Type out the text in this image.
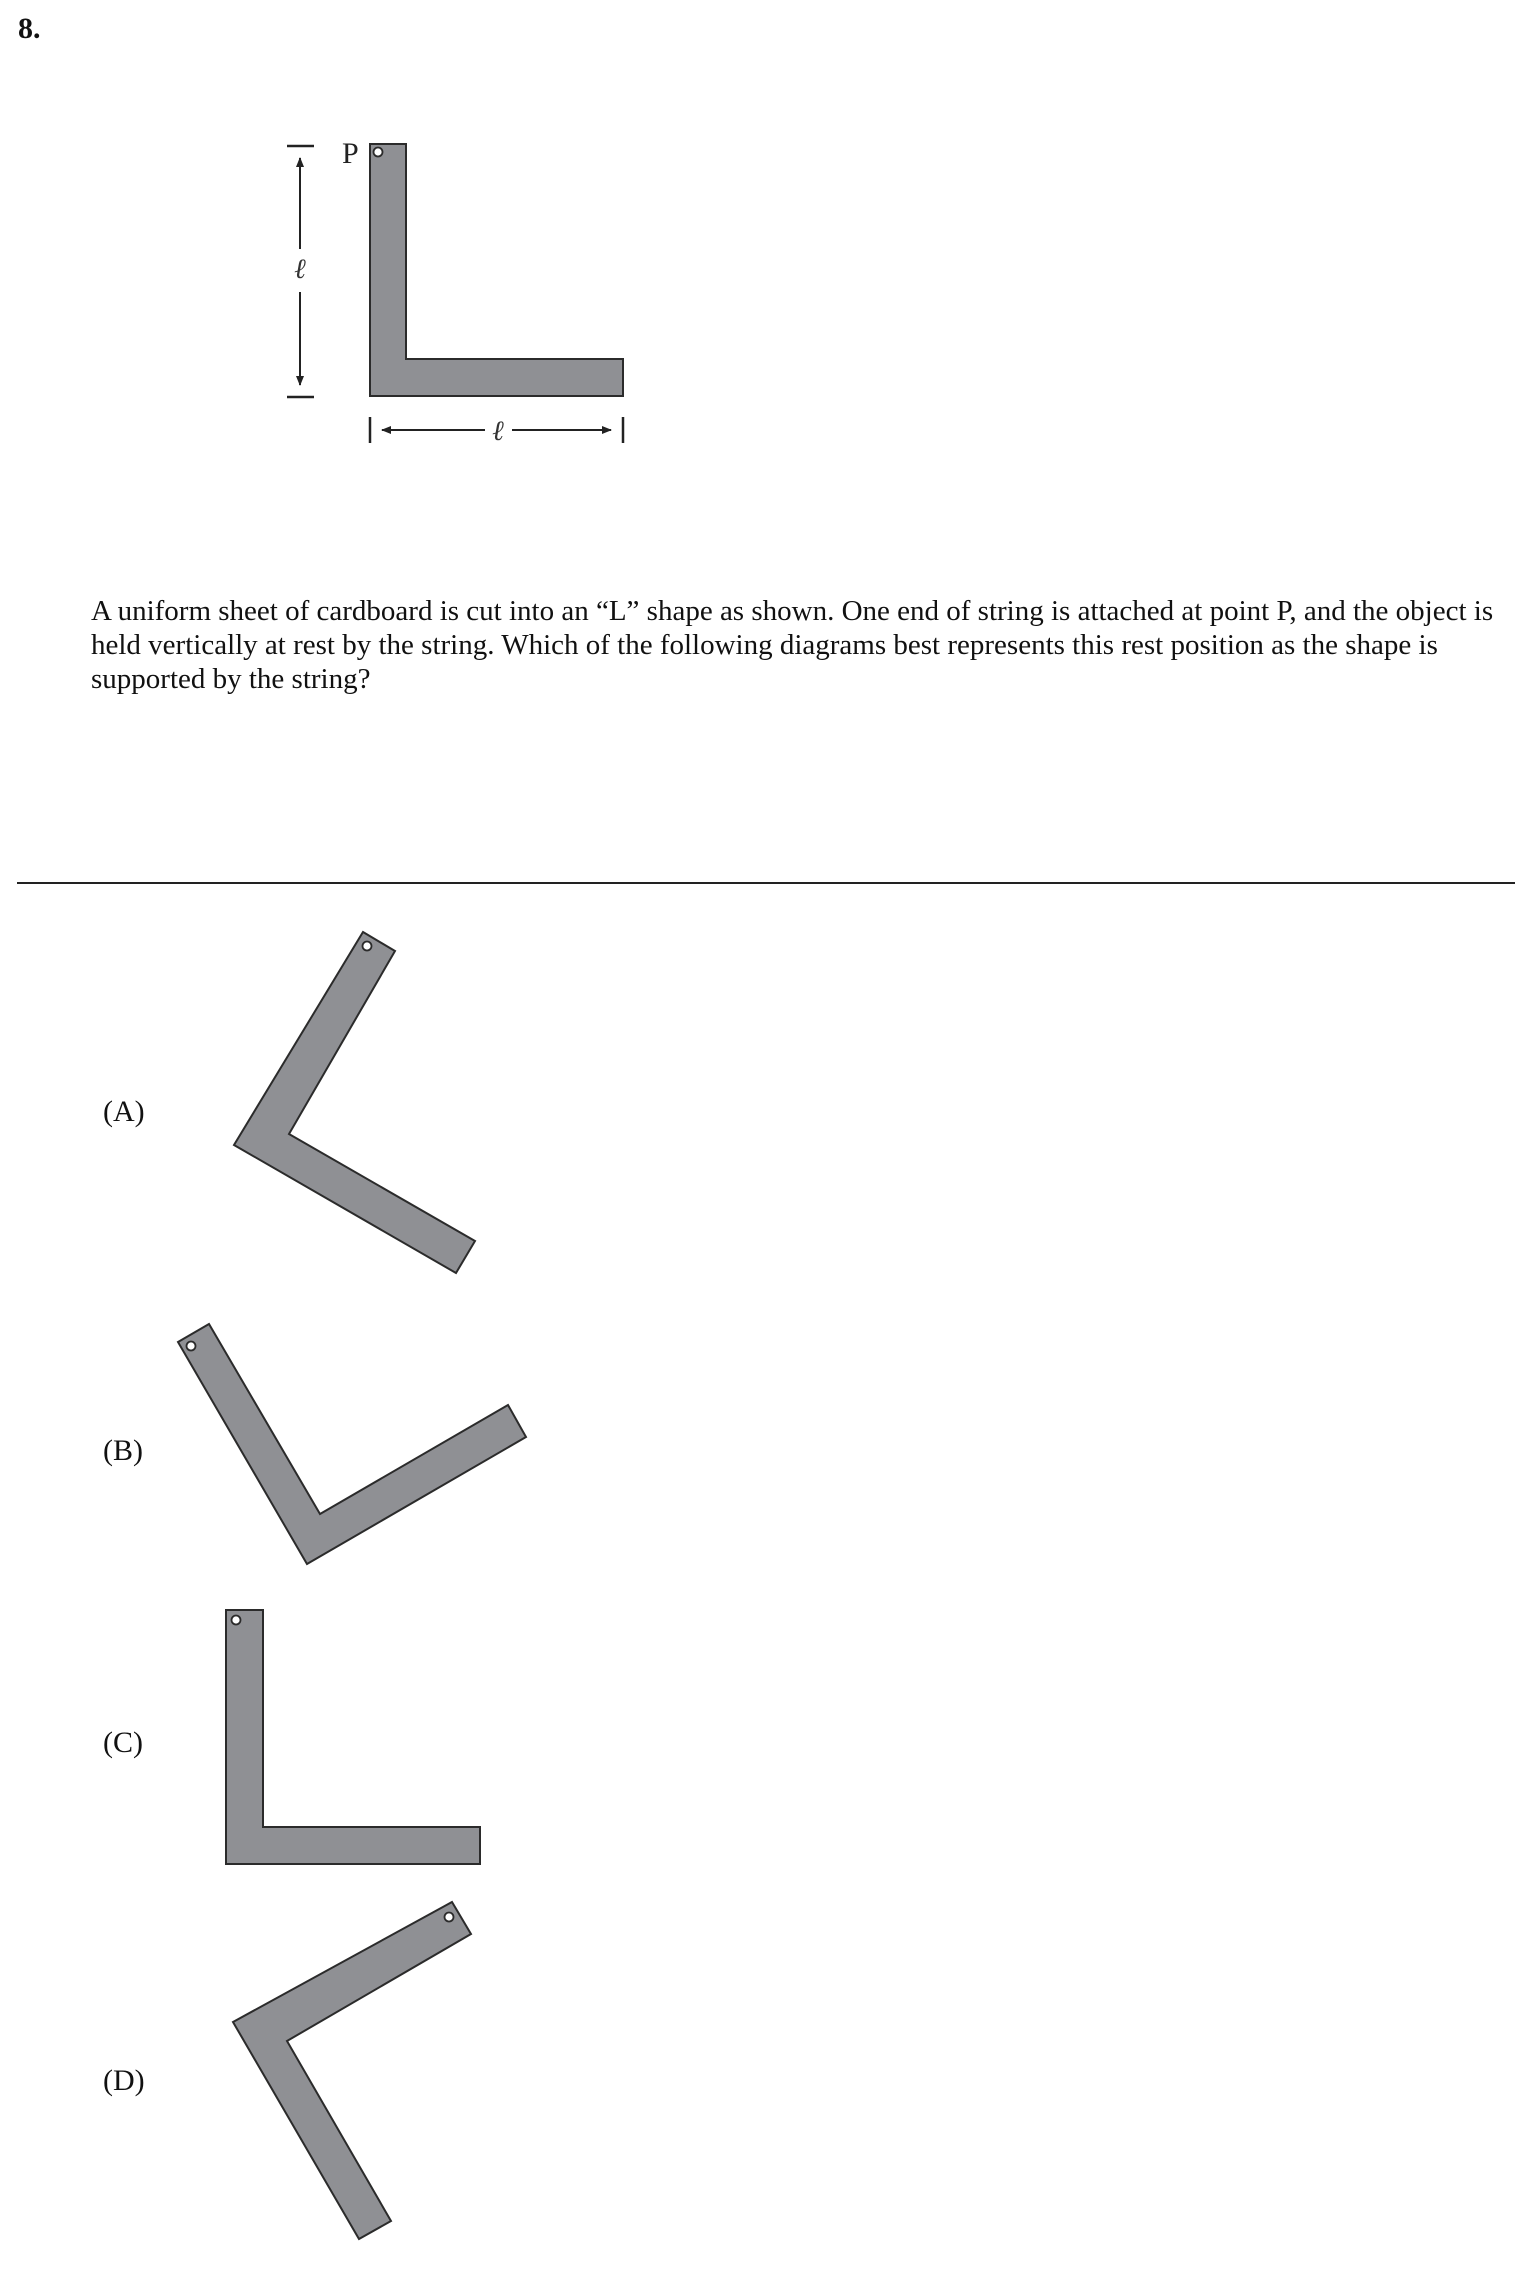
8.
ℓ
P
ℓ
A uniform sheet of cardboard is cut into an “L” shape as shown. One end of string is attached at point P, and the object is held vertically at rest by the string. Which of the following diagrams best represents this rest position as the shape is supported by the string?
(A)
(B)
(C)
(D)
